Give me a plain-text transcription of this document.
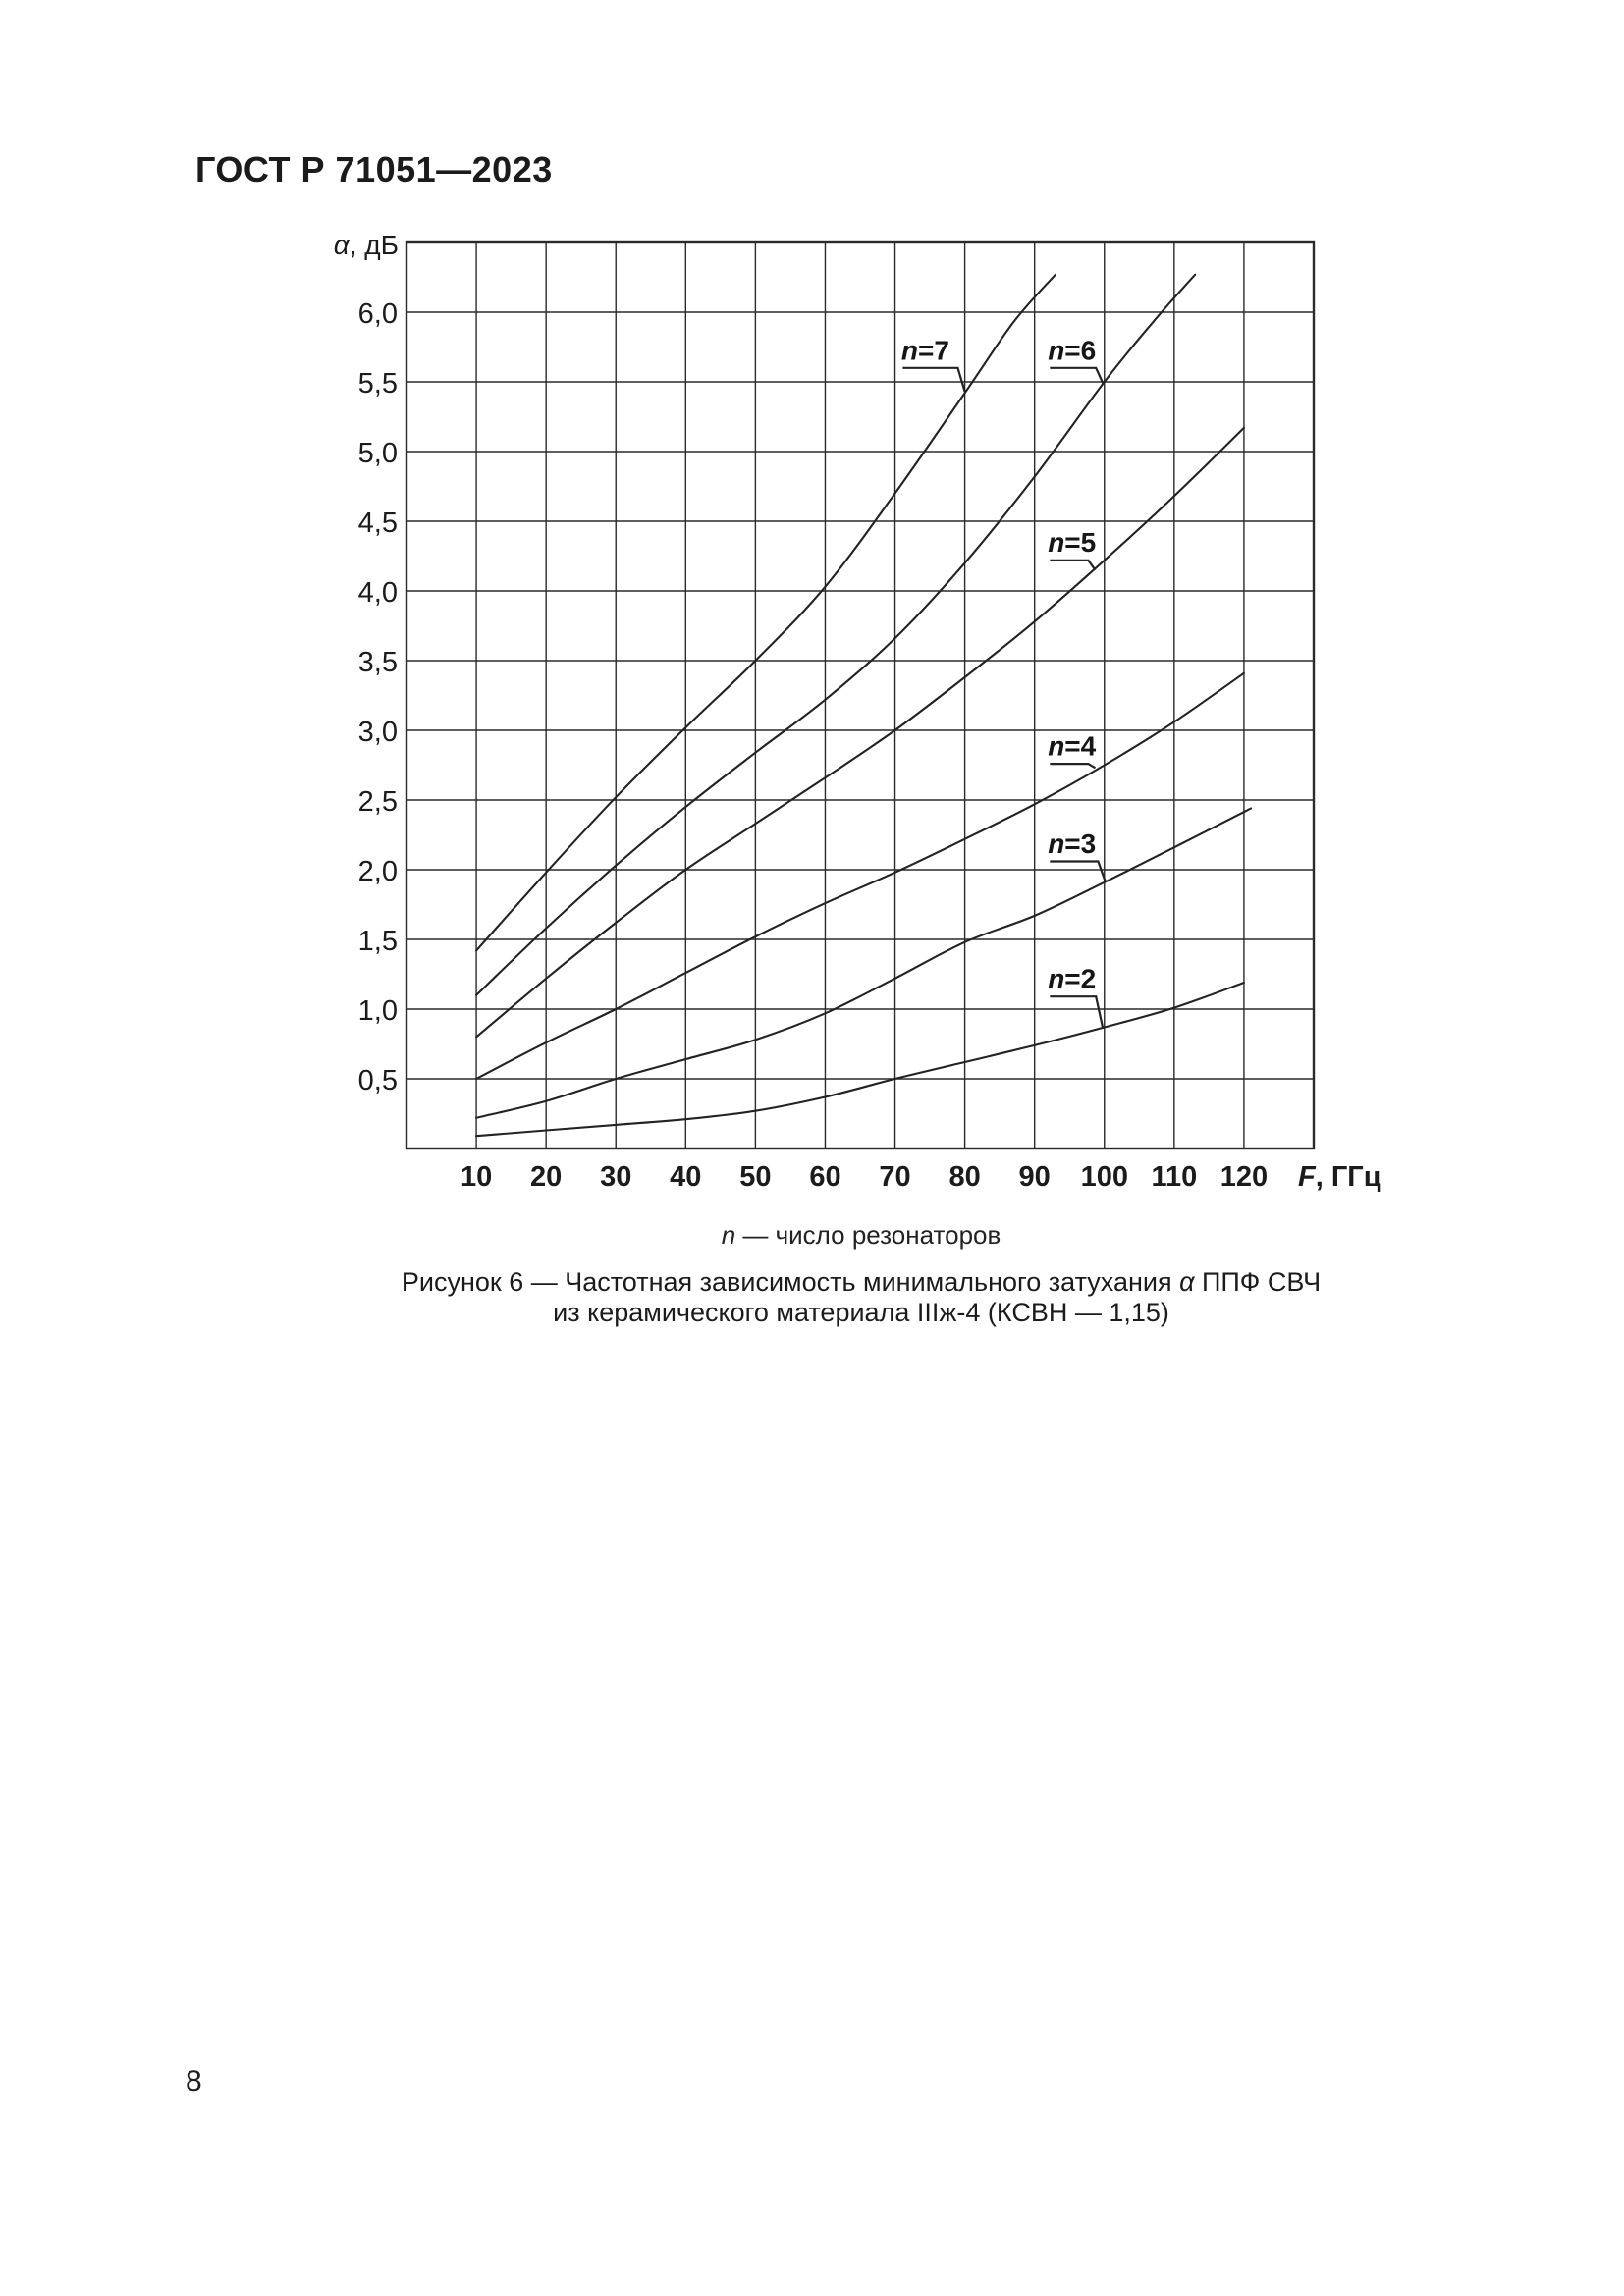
ГОСТ Р 71051—2023
6,0
5,5
5,0
4,5
4,0
3,5
3,0
2,5
2,0
1,5
1,0
0,5
10 20 30 40 50 60 70 80 90 100 110 120
α, дБ
F, ГГц
n=7	n=6
n=5
n=4
n=3
n=2
n — число резонаторов
Рисунок 6 — Частотная зависимость минимального затухания α ППФ СВЧ
из керамического материала IIIж-4 (КСВН — 1,15)
8
